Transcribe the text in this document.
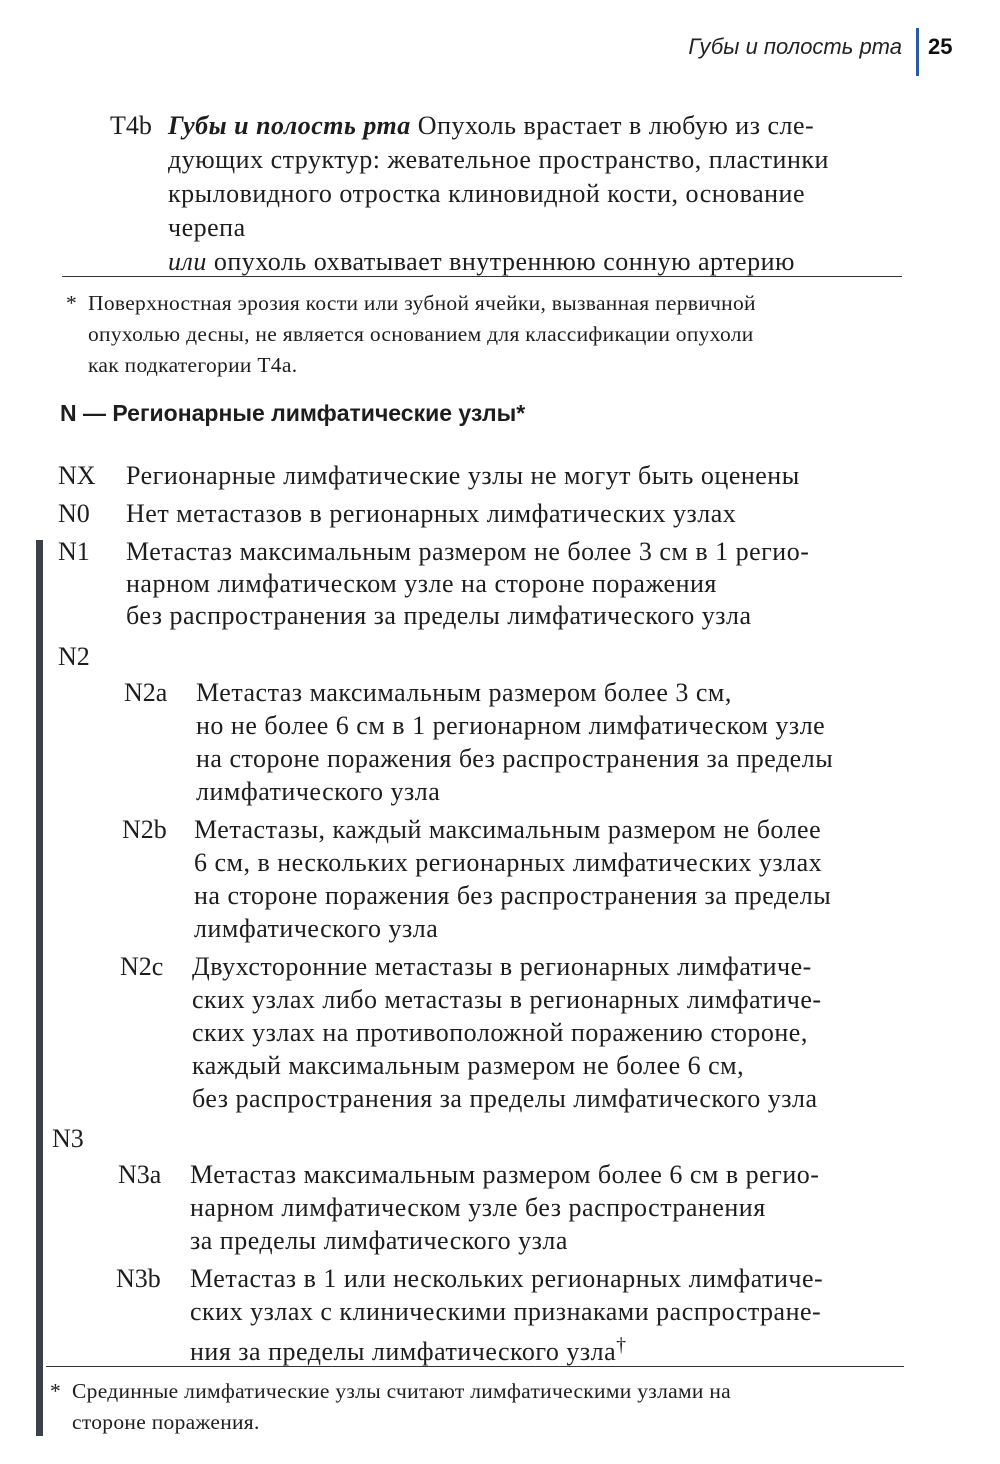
Губы и полость рта 25
T4b Губы и полость рта Опухоль врастает в любую из сле-
дующих структур: жевательное пространство, пластинки
крыловидного отростка клиновидной кости, основание
черепа
или опухоль охватывает внутреннюю сонную артерию
* Поверхностная эрозия кости или зубной ячейки, вызванная первичной
опухолью десны, не является основанием для классификации опухоли
как подкатегории T4a.
N — Регионарные лимфатические узлы*
NX Регионарные лимфатические узлы не могут быть оценены
N0 Нет метастазов в регионарных лимфатических узлах
N1 Метастаз максимальным размером не более 3 см в 1 регио-
нарном лимфатическом узле на стороне поражения
без распространения за пределы лимфатического узла
N2
N2a Метастаз максимальным размером более 3 см,
но не более 6 см в 1 регионарном лимфатическом узле
на стороне поражения без распространения за пределы
лимфатического узла
N2b Метастазы, каждый максимальным размером не более
6 см, в нескольких регионарных лимфатических узлах
на стороне поражения без распространения за пределы
лимфатического узла
N2c Двухсторонние метастазы в регионарных лимфатиче-
ских узлах либо метастазы в регионарных лимфатиче-
ских узлах на противоположной поражению стороне,
каждый максимальным размером не более 6 см,
без распространения за пределы лимфатического узла
N3
N3a Метастаз максимальным размером более 6 см в регио-
нарном лимфатическом узле без распространения
за пределы лимфатического узла
N3b Метастаз в 1 или нескольких регионарных лимфатиче-
ских узлах с клиническими признаками распростране-
ния за пределы лимфатического узла†
* Срединные лимфатические узлы считают лимфатическими узлами на
стороне поражения.
